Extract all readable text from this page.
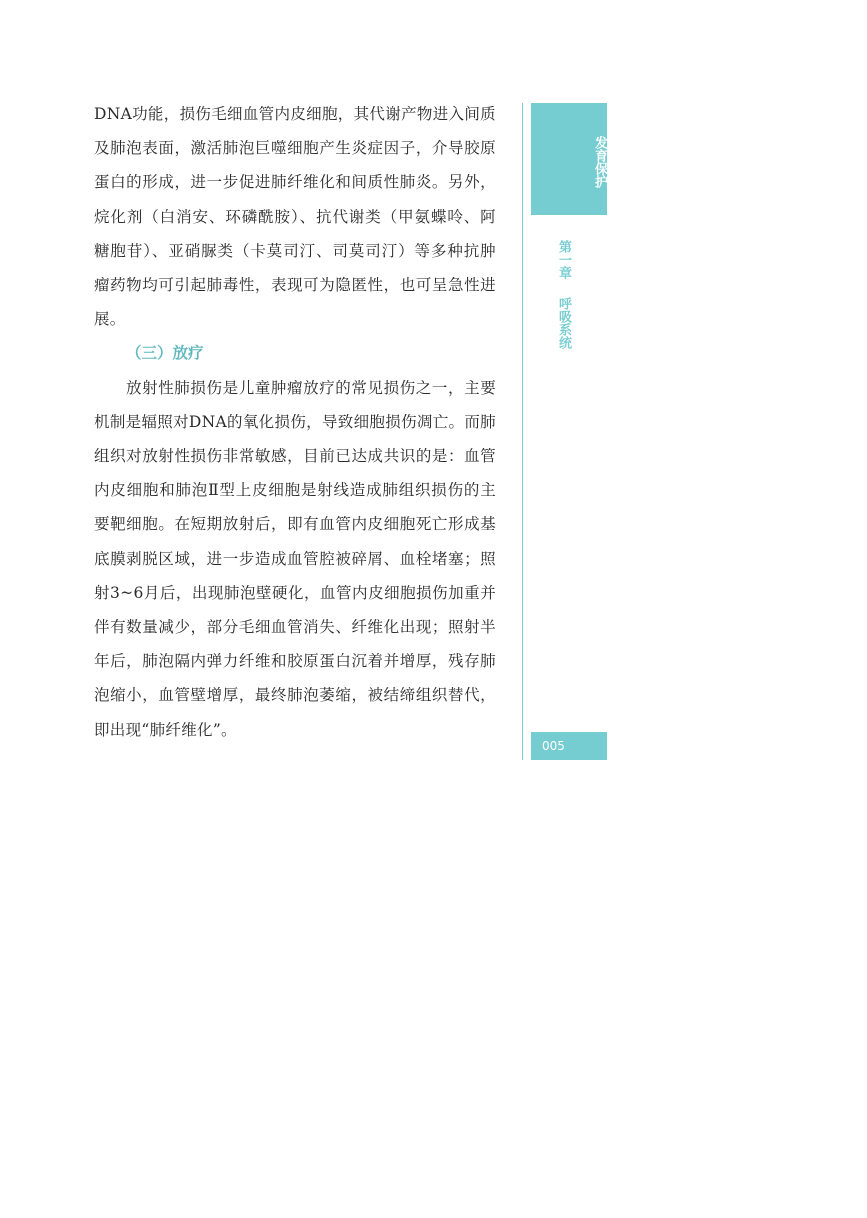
DNA功能，损伤毛细血管内皮细胞，其代谢产物进入间质及肺泡表面，激活肺泡巨噬细胞产生炎症因子，介导胶原蛋白的形成，进一步促进肺纤维化和间质性肺炎。另外，烷化剂（白消安、环磷酰胺）、抗代谢类（甲氨蝶呤、阿糖胞苷）、亚硝脲类（卡莫司汀、司莫司汀）等多种抗肿瘤药物均可引起肺毒性，表现可为隐匿性，也可呈急性进展。

（三）放疗

放射性肺损伤是儿童肿瘤放疗的常见损伤之一，主要机制是辐照对DNA的氧化损伤，导致细胞损伤凋亡。而肺组织对放射性损伤非常敏感，目前已达成共识的是：血管内皮细胞和肺泡Ⅱ型上皮细胞是射线造成肺组织损伤的主要靶细胞。在短期放射后，即有血管内皮细胞死亡形成基底膜剥脱区域，进一步造成血管腔被碎屑、血栓堵塞；照射3~6月后，出现肺泡壁硬化，血管内皮细胞损伤加重并伴有数量减少，部分毛细血管消失、纤维化出现；照射半年后，肺泡隔内弹力纤维和胶原蛋白沉着并增厚，残存肺泡缩小，血管壁增厚，最终肺泡萎缩，被结缔组织替代，即出现“肺纤维化”。

发育保护
第一章
呼吸系统
005
